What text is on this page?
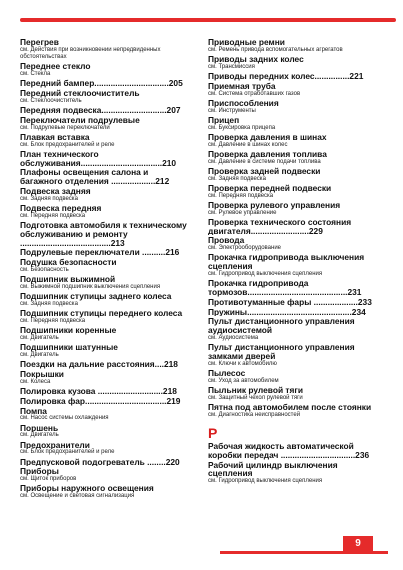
Перегрев
см. Действия при возникновении непредвиденных обстоятельствах
Переднее стекло
см. Стекла
Передний бампер................................205
Передний стеклоочиститель
см. Стеклоочиститель
Передняя подвеска............................207
Переключатели подрулевые
см. Подрулевые переключатели
Плавкая вставка
см. Блок предохранителей и реле
План технического обслуживания...................................210
Плафоны освещения салона и багажного отделения ...................212
Подвеска задняя
см. Задняя подвеска
Подвеска передняя
см. Передняя подвеска
Подготовка автомобиля к техническому обслуживанию и ремонту .......................................213
Подрулевые переключатели ..........216
Подушка безопасности
см. Безопасность
Подшипник выжимной
см. Выжимной подшипник выключения сцепления
Подшипник ступицы заднего колеса
см. Задняя подвеска
Подшипник ступицы переднего колеса
см. Передняя подвеска
Подшипники коренные
см. Двигатель
Подшипники шатунные
см. Двигатель
Поездки на дальние расстояния....218
Покрышки
см. Колеса
Полировка кузова ............................218
Полировка фар...................................219
Помпа
см. Насос системы охлаждения
Поршень
см. Двигатель
Предохранители
см. Блок предохранителей и реле
Предпусковой подогреватель ........220
Приборы
см. Щиток приборов
Приборы наружного освещения
см. Освещение и световая сигнализация
Приводные ремни
см. Ремень привода вспомогательных агрегатов
Приводы задних колес
см. Трансмиссия
Приводы передних колес...............221
Приемная труба
см. Система отработавших газов
Приспособления
см. Инструменты
Прицеп
см. Буксировка прицепа
Проверка давления в шинах
см. Давление в шинах колес
Проверка давления топлива
см. Давление в системе подачи топлива
Проверка задней подвески
см. Задняя подвеска
Проверка передней подвески
см. Передняя подвеска
Проверка рулевого управления
см. Рулевое управление
Проверка технического состояния двигателя.........................229
Провода
см. Электрооборудование
Прокачка гидропривода выключения сцепления
см. Гидропривод выключения сцепления
Прокачка гидропривода тормозов...........................................231
Противотуманные фары ...................233
Пружины.............................................234
Пульт дистанционного управления аудиосистемой
см. Аудиосистема
Пульт дистанционного управления замками дверей
см. Ключи к автомобилю
Пылесос
см. Уход за автомобилем
Пыльник рулевой тяги
см. Защитный чехол рулевой тяги
Пятна под автомобилем после стоянки
см. Диагностика неисправностей
Р
Рабочая жидкость автоматической коробки передач ................................236
Рабочий цилиндр выключения сцепления
см. Гидропривод выключения сцепления
9
